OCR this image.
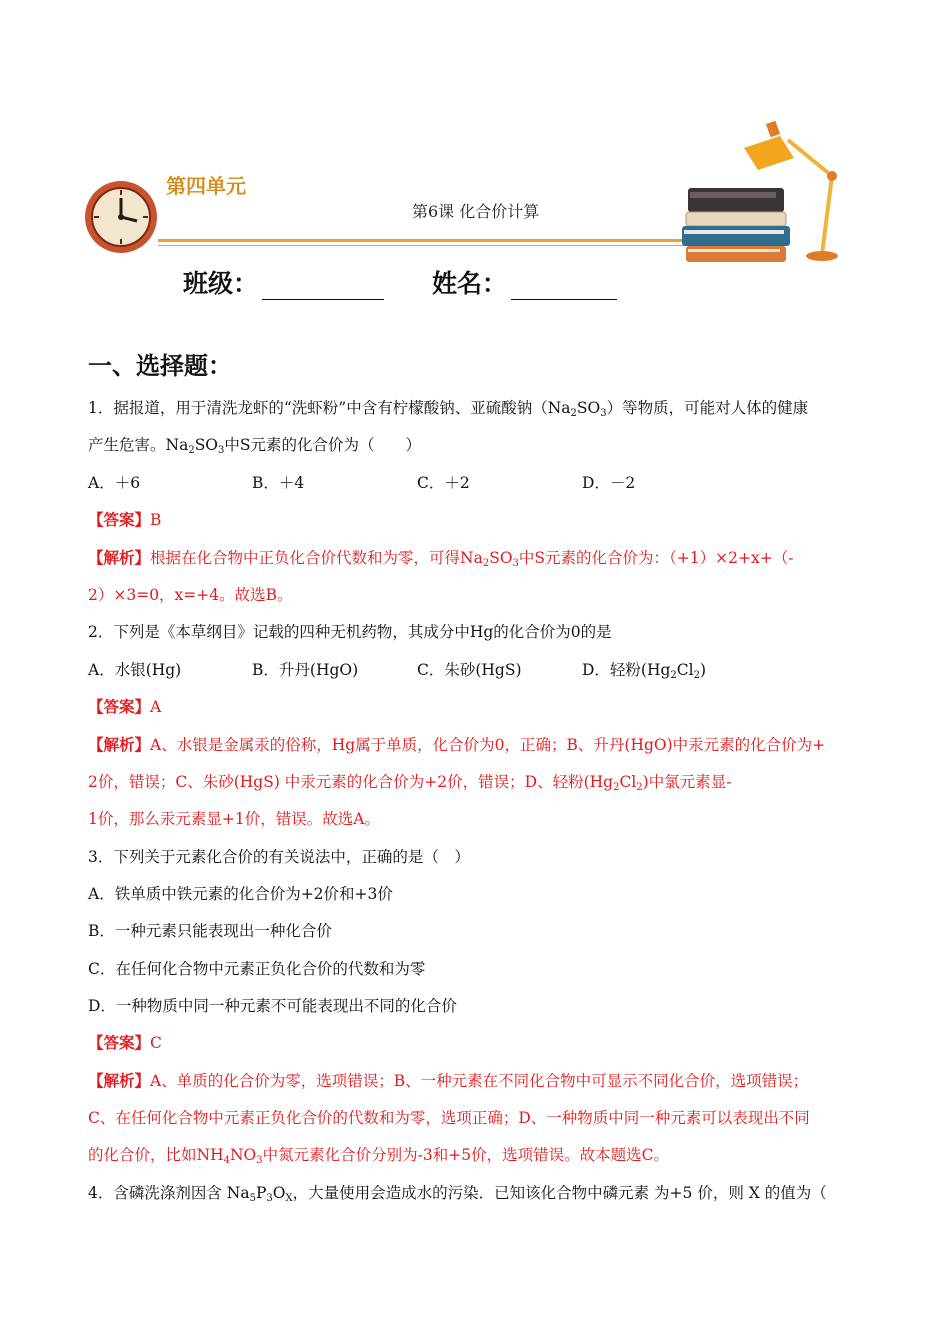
第四单元
第6课 化合价计算
班级：	姓名：
一、选择题：
1．据报道，用于清洗龙虾的“洗虾粉”中含有柠檬酸钠、亚硫酸钠$(Na_2SO_3)$等物质，可能对人体的健康
产生危害。$Na_2SO_3$中S元素的化合价为（　　）
A．＋6	B．＋4	C．＋2	D．－2
【答案】B
【解析】根据在化合物中正负化合价代数和为零，可得$Na_2SO_3$中S元素的化合价为：（+1）×2+x+（-
2）×3=0，x=+4。故选B。
2．下列是《本草纲目》记载的四种无机药物，其成分中Hg的化合价为0的是
A．水银(Hg)	B．升丹(HgO)	C．朱砂(HgS)	D．轻粉$(Hg_2Cl_2)$
【答案】A
【解析】A、水银是金属汞的俗称，Hg属于单质，化合价为0，正确；B、升丹(HgO)中汞元素的化合价为+
2价，错误；C、朱砂(HgS) 中汞元素的化合价为+2价，错误；D、轻粉$(Hg_2Cl_2)$中氯元素显-
1价，那么汞元素显+1价，错误。故选A。
3．下列关于元素化合价的有关说法中，正确的是（　）
A．铁单质中铁元素的化合价为+2价和+3价
B．一种元素只能表现出一种化合价
C．在任何化合物中元素正负化合价的代数和为零
D．一种物质中同一种元素不可能表现出不同的化合价
【答案】C
【解析】A、单质的化合价为零，选项错误；B、一种元素在不同化合物中可显示不同化合价，选项错误；
C、在任何化合物中元素正负化合价的代数和为零，选项正确；D、一种物质中同一种元素可以表现出不同
的化合价，比如$NH_4NO_3$中氮元素化合价分别为-3和+5价，选项错误。故本题选C。
4．含磷洗涤剂因含 $Na_5P_3O_X$，大量使用会造成水的污染．已知该化合物中磷元素 为+5 价，则 X 的值为（
